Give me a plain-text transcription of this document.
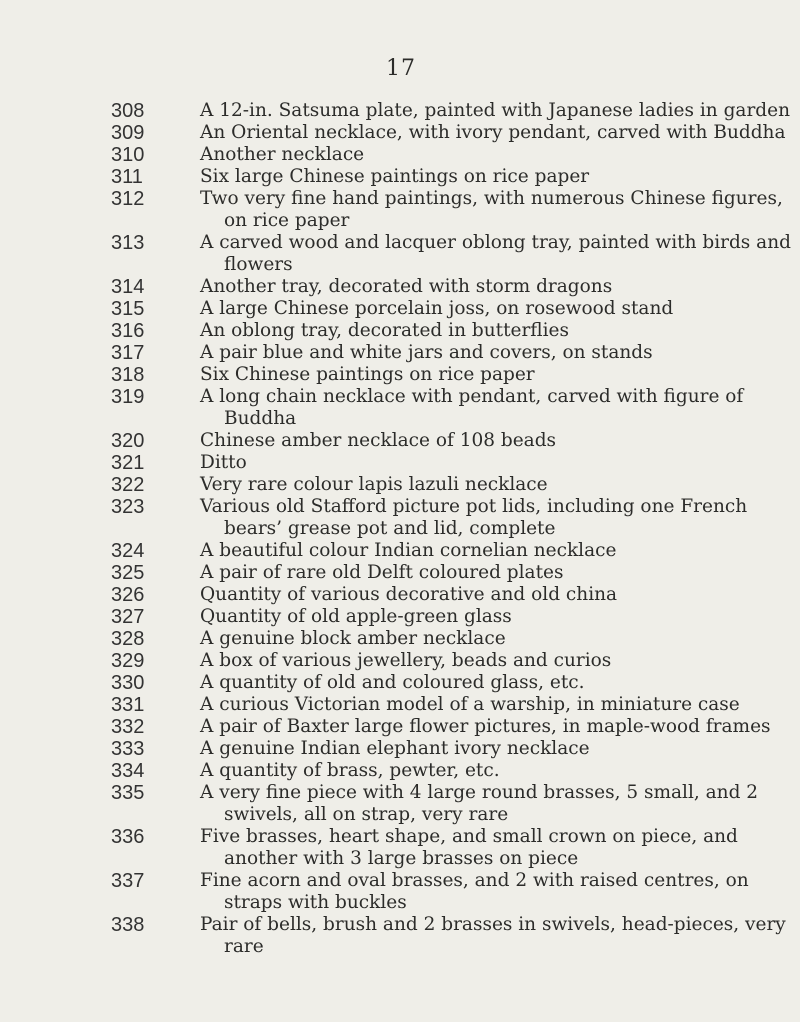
17
308	A 12-in. Satsuma plate, painted with Japanese ladies in garden
309	An Oriental necklace, with ivory pendant, carved with Buddha
310	Another necklace
311	Six large Chinese paintings on rice paper
312	Two very fine hand paintings, with numerous Chinese figures, on rice paper
313	A carved wood and lacquer oblong tray, painted with birds and flowers
314	Another tray, decorated with storm dragons
315	A large Chinese porcelain joss, on rosewood stand
316	An oblong tray, decorated in butterflies
317	A pair blue and white jars and covers, on stands
318	Six Chinese paintings on rice paper
319	A long chain necklace with pendant, carved with figure of Buddha
320	Chinese amber necklace of 108 beads
321	Ditto
322	Very rare colour lapis lazuli necklace
323	Various old Stafford picture pot lids, including one French bears’ grease pot and lid, complete
324	A beautiful colour Indian cornelian necklace
325	A pair of rare old Delft coloured plates
326	Quantity of various decorative and old china
327	Quantity of old apple-green glass
328	A genuine block amber necklace
329	A box of various jewellery, beads and curios
330	A quantity of old and coloured glass, etc.
331	A curious Victorian model of a warship, in miniature case
332	A pair of Baxter large flower pictures, in maple-wood frames
333	A genuine Indian elephant ivory necklace
334	A quantity of brass, pewter, etc.
335	A very fine piece with 4 large round brasses, 5 small, and 2 swivels, all on strap, very rare
336	Five brasses, heart shape, and small crown on piece, and another with 3 large brasses on piece
337	Fine acorn and oval brasses, and 2 with raised centres, on straps with buckles
338	Pair of bells, brush and 2 brasses in swivels, head-pieces, very rare
